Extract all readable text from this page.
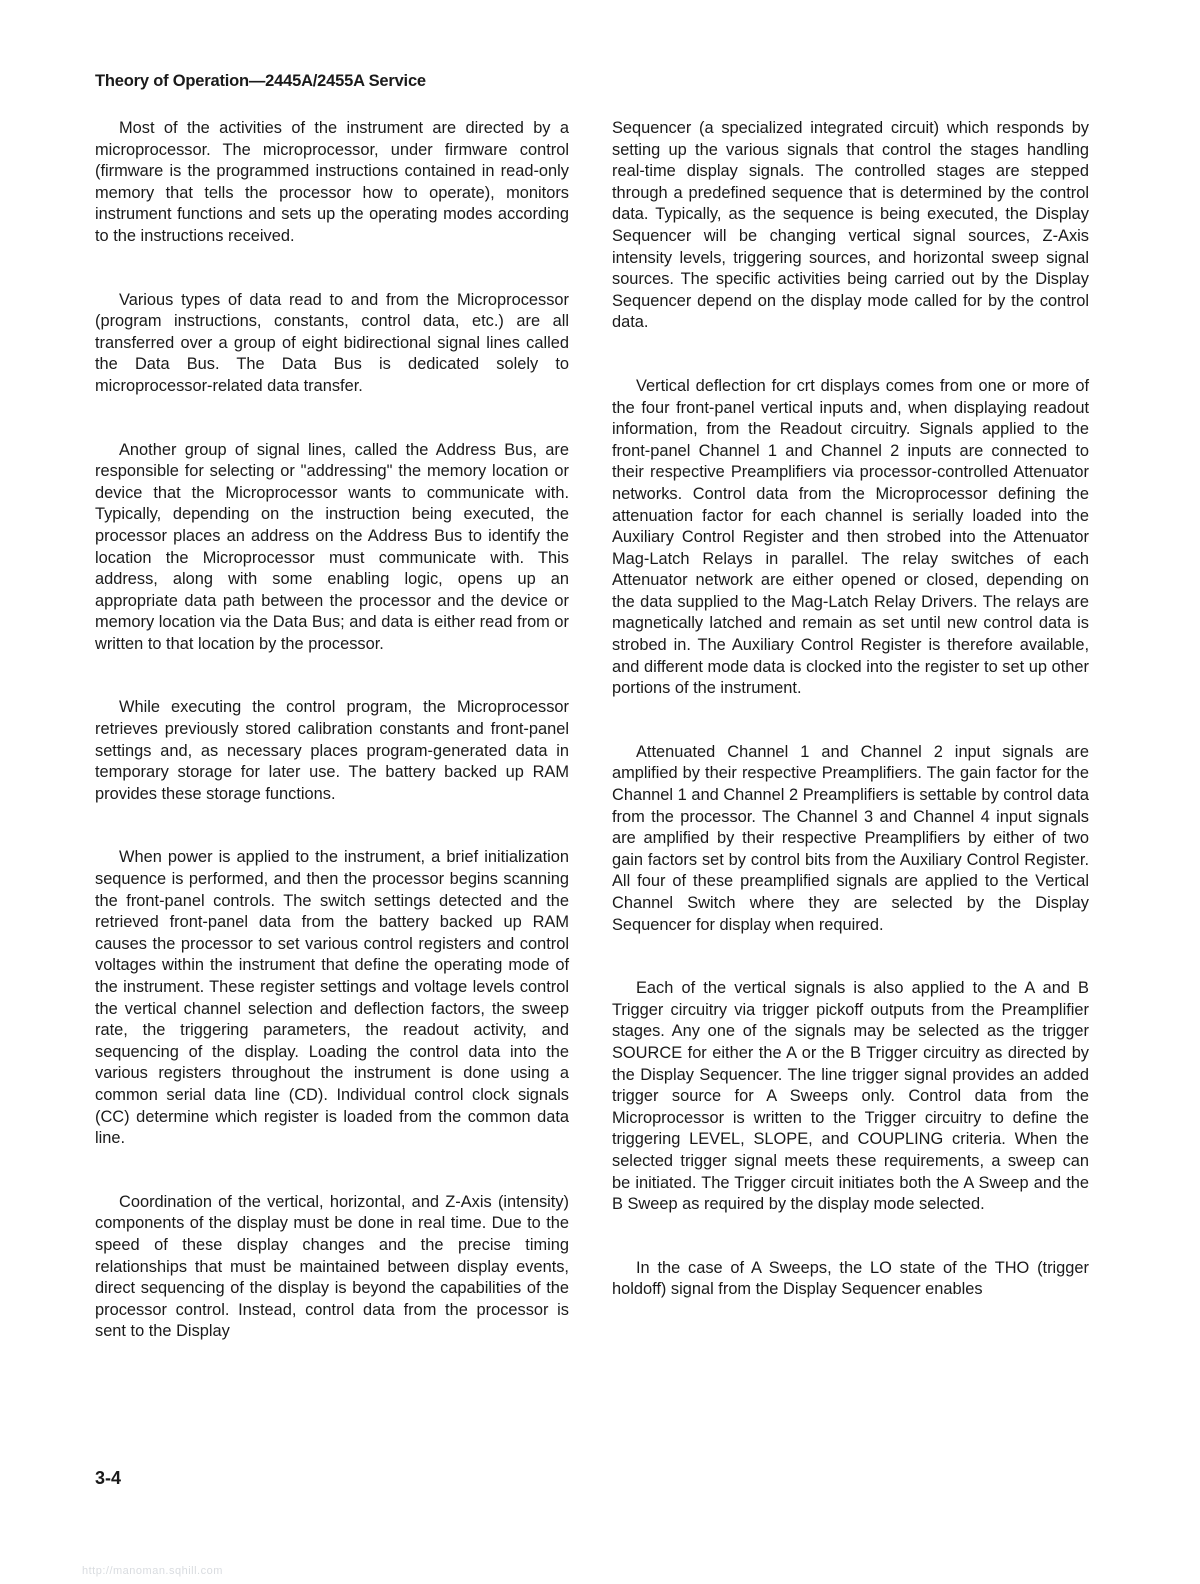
Theory of Operation—2445A/2455A Service

Most of the activities of the instrument are directed by a microprocessor. The microprocessor, under firmware control (firmware is the programmed instructions contained in read-only memory that tells the processor how to operate), monitors instrument functions and sets up the operating modes according to the instructions received.

Various types of data read to and from the Microprocessor (program instructions, constants, control data, etc.) are all transferred over a group of eight bidirectional signal lines called the Data Bus. The Data Bus is dedicated solely to microprocessor-related data transfer.

Another group of signal lines, called the Address Bus, are responsible for selecting or "addressing" the memory location or device that the Microprocessor wants to communicate with. Typically, depending on the instruction being executed, the processor places an address on the Address Bus to identify the location the Microprocessor must communicate with. This address, along with some enabling logic, opens up an appropriate data path between the processor and the device or memory location via the Data Bus; and data is either read from or written to that location by the processor.

While executing the control program, the Microprocessor retrieves previously stored calibration constants and front-panel settings and, as necessary places program-generated data in temporary storage for later use. The battery backed up RAM provides these storage functions.

When power is applied to the instrument, a brief initialization sequence is performed, and then the processor begins scanning the front-panel controls. The switch settings detected and the retrieved front-panel data from the battery backed up RAM causes the processor to set various control registers and control voltages within the instrument that define the operating mode of the instrument. These register settings and voltage levels control the vertical channel selection and deflection factors, the sweep rate, the triggering parameters, the readout activity, and sequencing of the display. Loading the control data into the various registers throughout the instrument is done using a common serial data line (CD). Individual control clock signals (CC) determine which register is loaded from the common data line.

Coordination of the vertical, horizontal, and Z-Axis (intensity) components of the display must be done in real time. Due to the speed of these display changes and the precise timing relationships that must be maintained between display events, direct sequencing of the display is beyond the capabilities of the processor control. Instead, control data from the processor is sent to the Display

Sequencer (a specialized integrated circuit) which responds by setting up the various signals that control the stages handling real-time display signals. The controlled stages are stepped through a predefined sequence that is determined by the control data. Typically, as the sequence is being executed, the Display Sequencer will be changing vertical signal sources, Z-Axis intensity levels, triggering sources, and horizontal sweep signal sources. The specific activities being carried out by the Display Sequencer depend on the display mode called for by the control data.

Vertical deflection for crt displays comes from one or more of the four front-panel vertical inputs and, when displaying readout information, from the Readout circuitry. Signals applied to the front-panel Channel 1 and Channel 2 inputs are connected to their respective Preamplifiers via processor-controlled Attenuator networks. Control data from the Microprocessor defining the attenuation factor for each channel is serially loaded into the Auxiliary Control Register and then strobed into the Attenuator Mag-Latch Relays in parallel. The relay switches of each Attenuator network are either opened or closed, depending on the data supplied to the Mag-Latch Relay Drivers. The relays are magnetically latched and remain as set until new control data is strobed in. The Auxiliary Control Register is therefore available, and different mode data is clocked into the register to set up other portions of the instrument.

Attenuated Channel 1 and Channel 2 input signals are amplified by their respective Preamplifiers. The gain factor for the Channel 1 and Channel 2 Preamplifiers is settable by control data from the processor. The Channel 3 and Channel 4 input signals are amplified by their respective Preamplifiers by either of two gain factors set by control bits from the Auxiliary Control Register. All four of these preamplified signals are applied to the Vertical Channel Switch where they are selected by the Display Sequencer for display when required.

Each of the vertical signals is also applied to the A and B Trigger circuitry via trigger pickoff outputs from the Preamplifier stages. Any one of the signals may be selected as the trigger SOURCE for either the A or the B Trigger circuitry as directed by the Display Sequencer. The line trigger signal provides an added trigger source for A Sweeps only. Control data from the Microprocessor is written to the Trigger circuitry to define the triggering LEVEL, SLOPE, and COUPLING criteria. When the selected trigger signal meets these requirements, a sweep can be initiated. The Trigger circuit initiates both the A Sweep and the B Sweep as required by the display mode selected.

In the case of A Sweeps, the LO state of the THO (trigger holdoff) signal from the Display Sequencer enables

3-4
http://manoman.sqhill.com
